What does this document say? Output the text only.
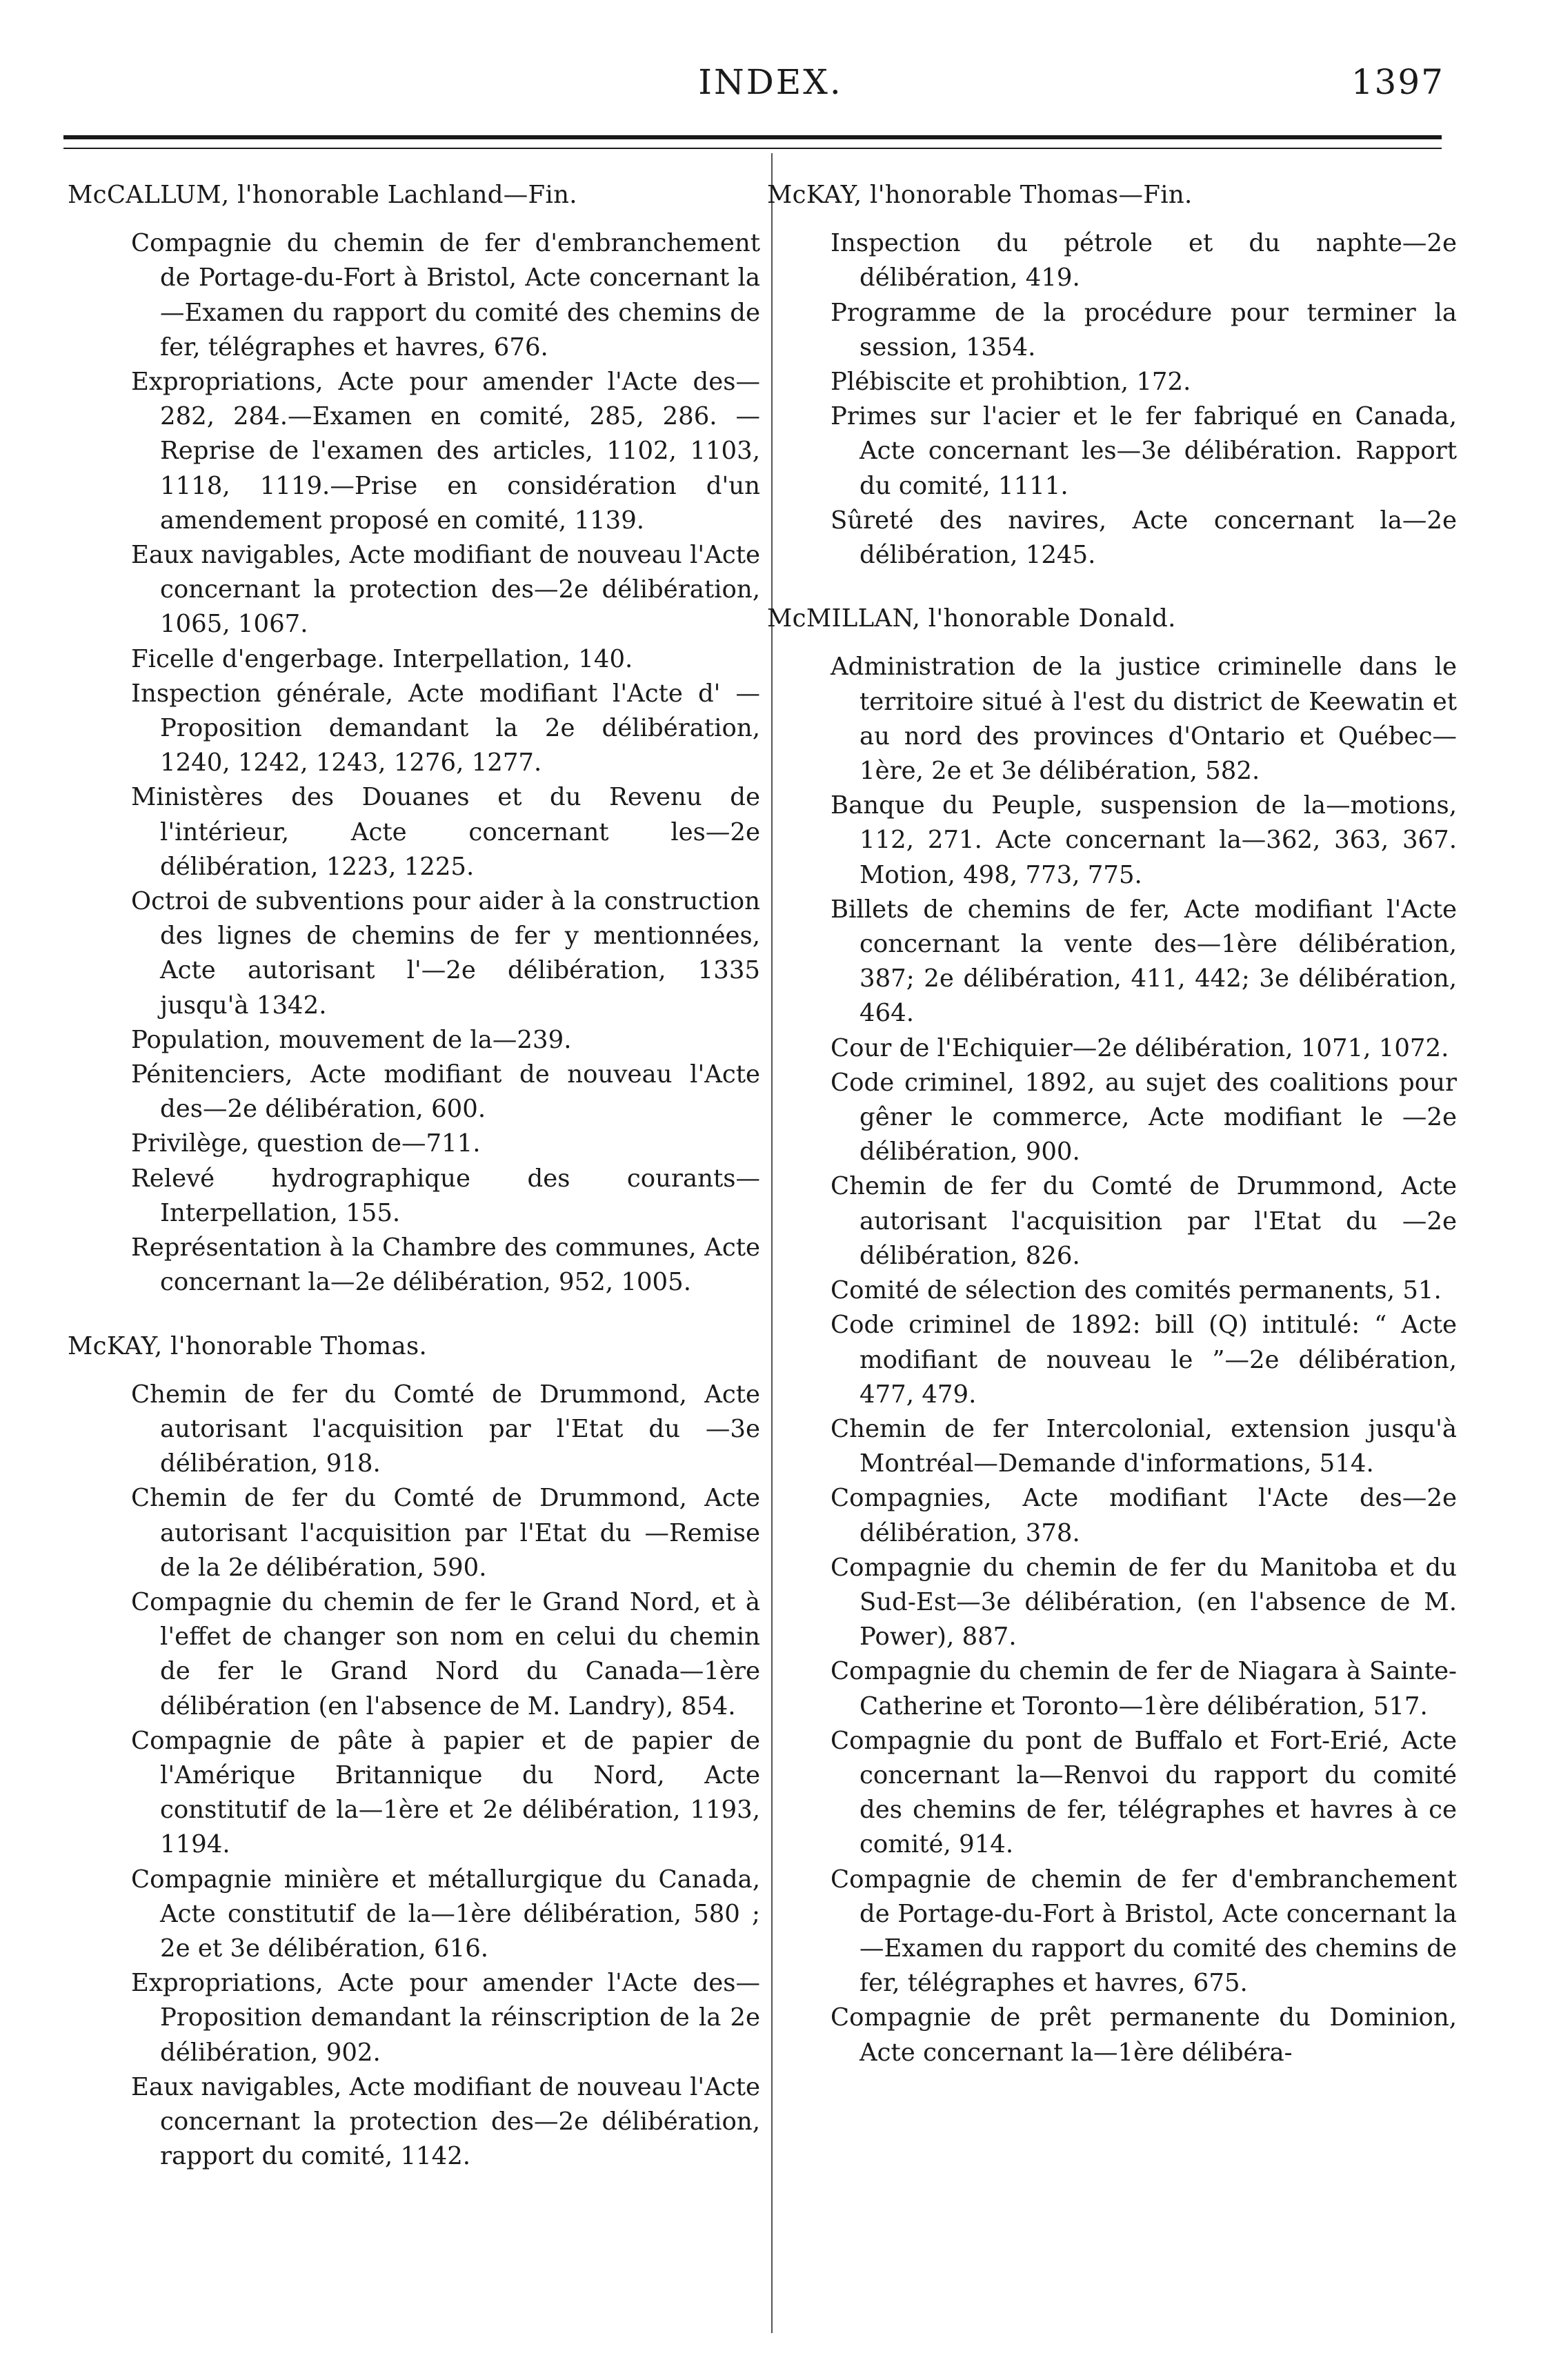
INDEX.	1397

McCALLUM, l'honorable Lachland—Fin.

Compagnie du chemin de fer d'embranchement de Portage-du-Fort à Bristol, Acte concernant la—Examen du rapport du comité des chemins de fer, télégraphes et havres, 676.

Expropriations, Acte pour amender l'Acte des—282, 284.—Examen en comité, 285, 286. —Reprise de l'examen des articles, 1102, 1103, 1118, 1119.—Prise en considération d'un amendement proposé en comité, 1139.

Eaux navigables, Acte modifiant de nouveau l'Acte concernant la protection des—2e délibération, 1065, 1067.

Ficelle d'engerbage. Interpellation, 140.

Inspection générale, Acte modifiant l'Acte d' —Proposition demandant la 2e délibération, 1240, 1242, 1243, 1276, 1277.

Ministères des Douanes et du Revenu de l'intérieur, Acte concernant les—2e délibération, 1223, 1225.

Octroi de subventions pour aider à la construction des lignes de chemins de fer y mentionnées, Acte autorisant l'—2e délibération, 1335 jusqu'à 1342.

Population, mouvement de la—239.

Pénitenciers, Acte modifiant de nouveau l'Acte des—2e délibération, 600.

Privilège, question de—711.

Relevé hydrographique des courants—Interpellation, 155.

Représentation à la Chambre des communes, Acte concernant la—2e délibération, 952, 1005.

McKAY, l'honorable Thomas.

Chemin de fer du Comté de Drummond, Acte autorisant l'acquisition par l'Etat du —3e délibération, 918.

Chemin de fer du Comté de Drummond, Acte autorisant l'acquisition par l'Etat du —Remise de la 2e délibération, 590.

Compagnie du chemin de fer le Grand Nord, et à l'effet de changer son nom en celui du chemin de fer le Grand Nord du Canada—1ère délibération (en l'absence de M. Landry), 854.

Compagnie de pâte à papier et de papier de l'Amérique Britannique du Nord, Acte constitutif de la—1ère et 2e délibération, 1193, 1194.

Compagnie minière et métallurgique du Canada, Acte constitutif de la—1ère délibération, 580 ; 2e et 3e délibération, 616.

Expropriations, Acte pour amender l'Acte des—Proposition demandant la réinscription de la 2e délibération, 902.

Eaux navigables, Acte modifiant de nouveau l'Acte concernant la protection des—2e délibération, rapport du comité, 1142.

McKAY, l'honorable Thomas—Fin.

Inspection du pétrole et du naphte—2e délibération, 419.

Programme de la procédure pour terminer la session, 1354.

Plébiscite et prohibtion, 172.

Primes sur l'acier et le fer fabriqué en Canada, Acte concernant les—3e délibération. Rapport du comité, 1111.

Sûreté des navires, Acte concernant la—2e délibération, 1245.

McMILLAN, l'honorable Donald.

Administration de la justice criminelle dans le territoire situé à l'est du district de Keewatin et au nord des provinces d'Ontario et Québec—1ère, 2e et 3e délibération, 582.

Banque du Peuple, suspension de la—motions, 112, 271. Acte concernant la—362, 363, 367. Motion, 498, 773, 775.

Billets de chemins de fer, Acte modifiant l'Acte concernant la vente des—1ère délibération, 387; 2e délibération, 411, 442; 3e délibération, 464.

Cour de l'Echiquier—2e délibération, 1071, 1072.

Code criminel, 1892, au sujet des coalitions pour gêner le commerce, Acte modifiant le —2e délibération, 900.

Chemin de fer du Comté de Drummond, Acte autorisant l'acquisition par l'Etat du —2e délibération, 826.

Comité de sélection des comités permanents, 51.

Code criminel de 1892: bill (Q) intitulé: “ Acte modifiant de nouveau le ”—2e délibération, 477, 479.

Chemin de fer Intercolonial, extension jusqu'à Montréal—Demande d'informations, 514.

Compagnies, Acte modifiant l'Acte des—2e délibération, 378.

Compagnie du chemin de fer du Manitoba et du Sud-Est—3e délibération, (en l'absence de M. Power), 887.

Compagnie du chemin de fer de Niagara à Sainte-Catherine et Toronto—1ère délibération, 517.

Compagnie du pont de Buffalo et Fort-Erié, Acte concernant la—Renvoi du rapport du comité des chemins de fer, télégraphes et havres à ce comité, 914.

Compagnie de chemin de fer d'embranchement de Portage-du-Fort à Bristol, Acte concernant la—Examen du rapport du comité des chemins de fer, télégraphes et havres, 675.

Compagnie de prêt permanente du Dominion, Acte concernant la—1ère délibéra-
